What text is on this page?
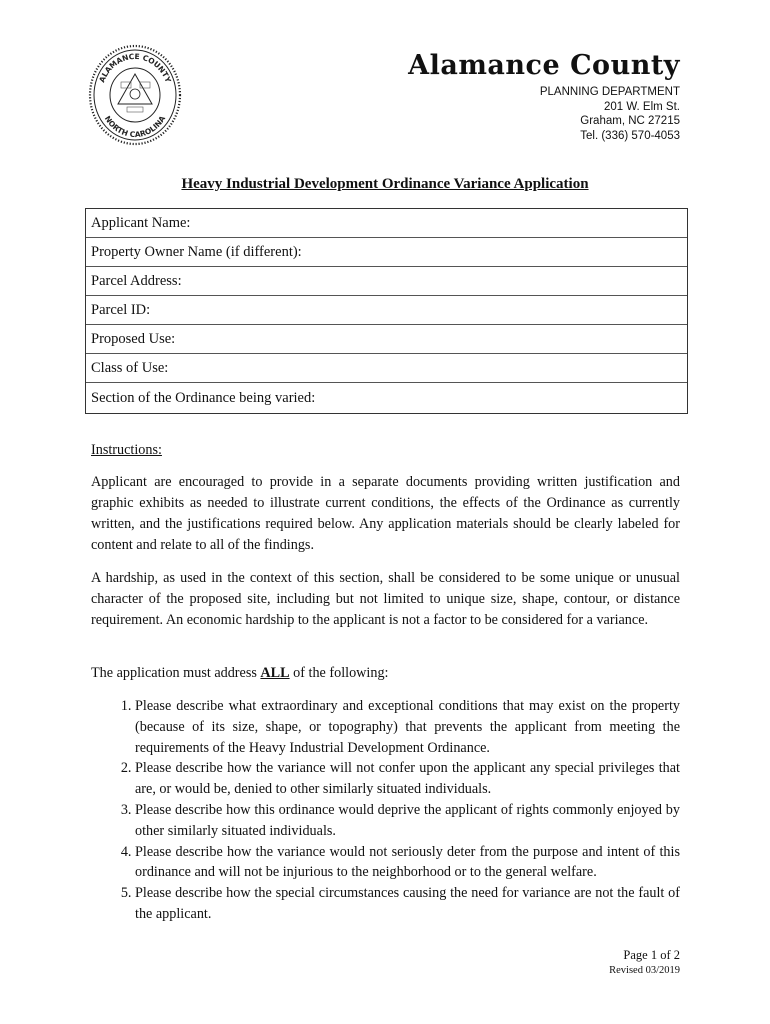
ALAMANCE COUNTY
NORTH CAROLINA
Alamance County
PLANNING DEPARTMENT
201 W. Elm St.
Graham, NC 27215
Tel. (336) 570-4053
Heavy Industrial Development Ordinance Variance Application
Applicant Name:
Property Owner Name (if different):
Parcel Address:
Parcel ID:
Proposed Use:
Class of Use:
Section of the Ordinance being varied:
Instructions:
Applicant are encouraged to provide in a separate documents providing written justification and graphic exhibits as needed to illustrate current conditions, the effects of the Ordinance as currently written, and the justifications required below. Any application materials should be clearly labeled for content and relate to all of the findings.
A hardship, as used in the context of this section, shall be considered to be some unique or unusual character of the proposed site, including but not limited to unique size, shape, contour, or distance requirement. An economic hardship to the applicant is not a factor to be considered for a variance.
The application must address ALL of the following:
1. Please describe what extraordinary and exceptional conditions that may exist on the property (because of its size, shape, or topography) that prevents the applicant from meeting the requirements of the Heavy Industrial Development Ordinance.
2. Please describe how the variance will not confer upon the applicant any special privileges that are, or would be, denied to other similarly situated individuals.
3. Please describe how this ordinance would deprive the applicant of rights commonly enjoyed by other similarly situated individuals.
4. Please describe how the variance would not seriously deter from the purpose and intent of this ordinance and will not be injurious to the neighborhood or to the general welfare.
5. Please describe how the special circumstances causing the need for variance are not the fault of the applicant.
Page 1 of 2
Revised 03/2019
